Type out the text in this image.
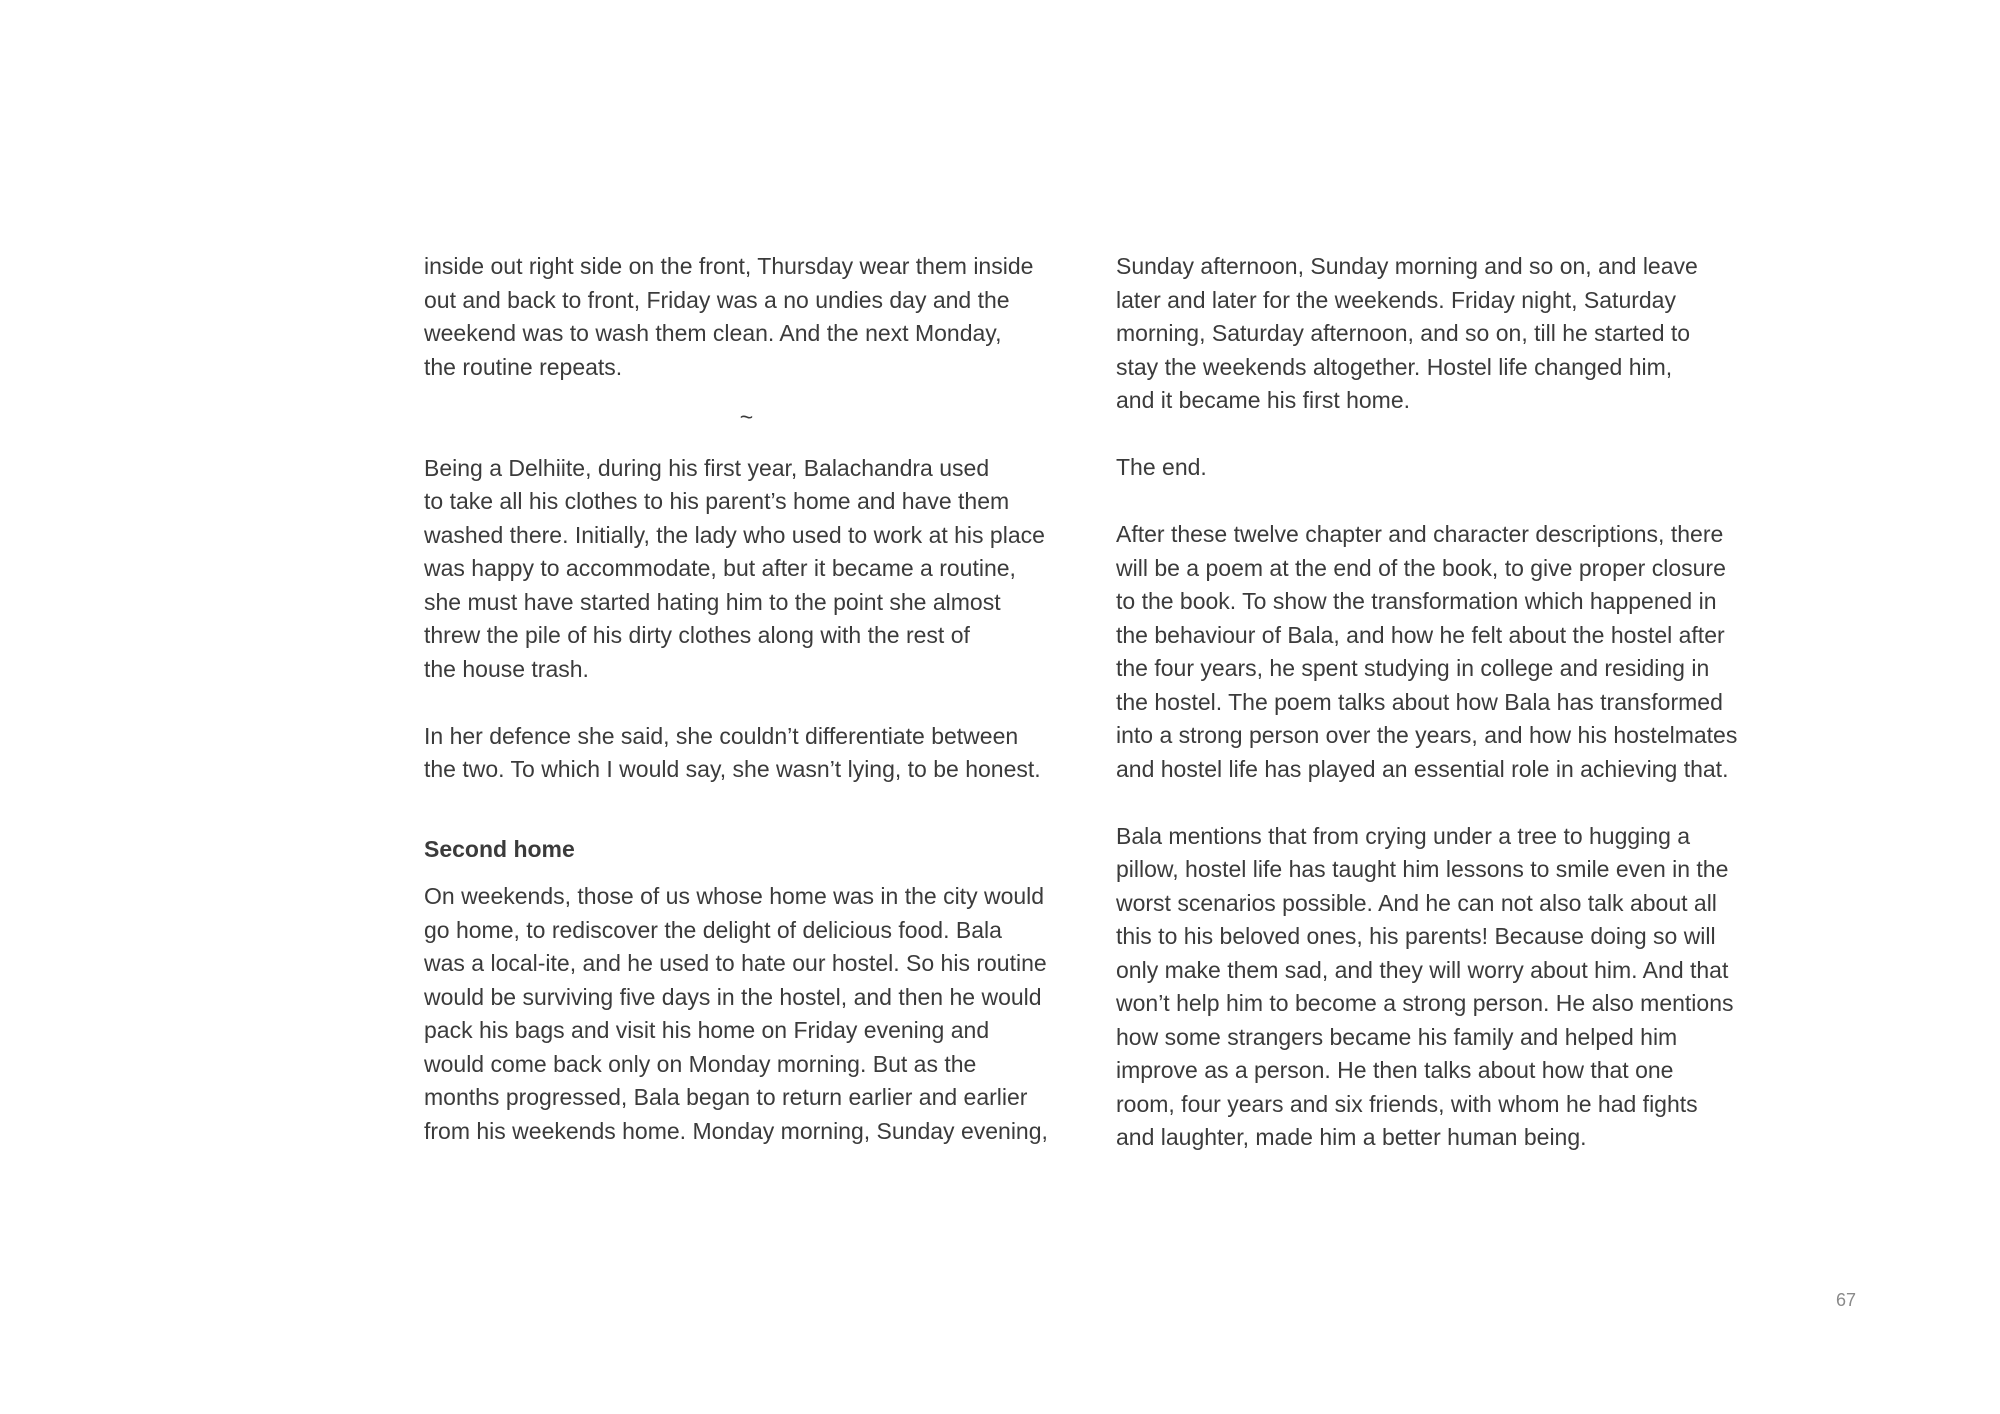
inside out right side on the front, Thursday wear them inside
out and back to front, Friday was a no undies day and the
weekend was to wash them clean. And the next Monday,
the routine repeats.

~

Being a Delhiite, during his first year, Balachandra used
to take all his clothes to his parent’s home and have them
washed there. Initially, the lady who used to work at his place
was happy to accommodate, but after it became a routine,
she must have started hating him to the point she almost
threw the pile of his dirty clothes along with the rest of
the house trash.

In her defence she said, she couldn’t differentiate between
the two. To which I would say, she wasn’t lying, to be honest.

Second home

On weekends, those of us whose home was in the city would
go home, to rediscover the delight of delicious food. Bala
was a local-ite, and he used to hate our hostel. So his routine
would be surviving five days in the hostel, and then he would
pack his bags and visit his home on Friday evening and
would come back only on Monday morning. But as the
months progressed, Bala began to return earlier and earlier
from his weekends home. Monday morning, Sunday evening,

Sunday afternoon, Sunday morning and so on, and leave
later and later for the weekends. Friday night, Saturday
morning, Saturday afternoon, and so on, till he started to
stay the weekends altogether. Hostel life changed him,
and it became his first home.

The end.

After these twelve chapter and character descriptions, there
will be a poem at the end of the book, to give proper closure
to the book. To show the transformation which happened in
the behaviour of Bala, and how he felt about the hostel after
the four years, he spent studying in college and residing in
the hostel. The poem talks about how Bala has transformed
into a strong person over the years, and how his hostelmates
and hostel life has played an essential role in achieving that.

Bala mentions that from crying under a tree to hugging a
pillow, hostel life has taught him lessons to smile even in the
worst scenarios possible. And he can not also talk about all
this to his beloved ones, his parents! Because doing so will
only make them sad, and they will worry about him. And that
won’t help him to become a strong person. He also mentions
how some strangers became his family and helped him
improve as a person. He then talks about how that one
room, four years and six friends, with whom he had fights
and laughter, made him a better human being.

67
